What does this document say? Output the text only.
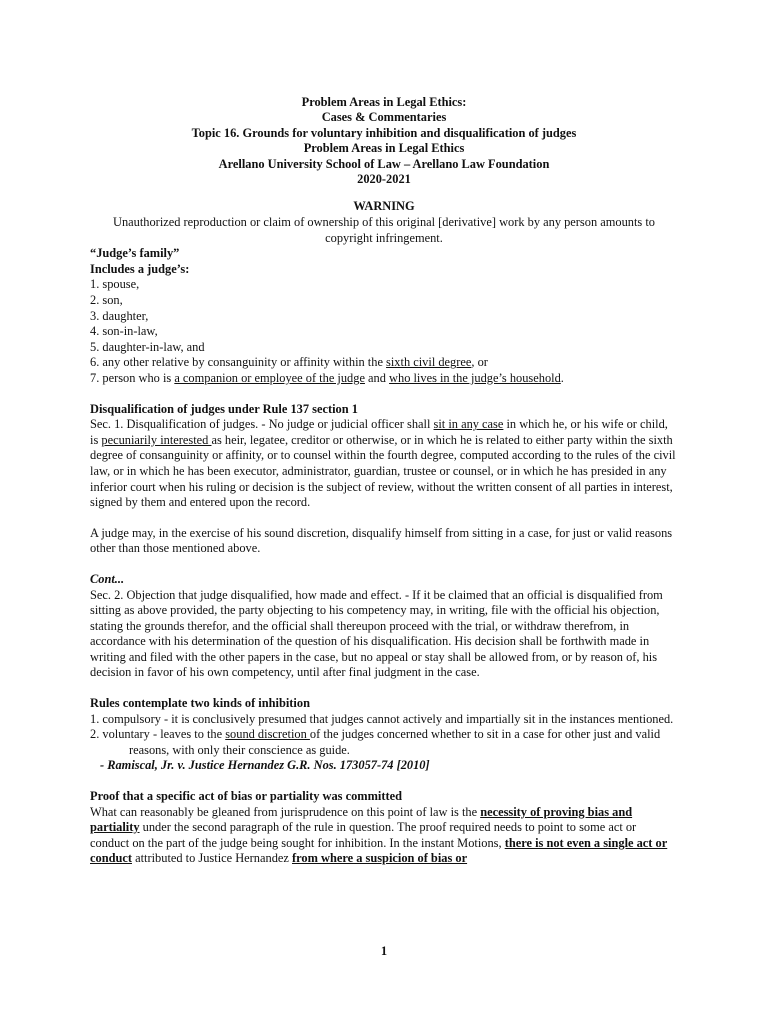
Problem Areas in Legal Ethics:
Cases & Commentaries
Topic 16. Grounds for voluntary inhibition and disqualification of judges
Problem Areas in Legal Ethics
Arellano University School of Law – Arellano Law Foundation
2020-2021
WARNING
Unauthorized reproduction or claim of ownership of this original [derivative] work by any person amounts to copyright infringement.
“Judge’s family”
Includes a judge’s:
1. spouse,
2. son,
3. daughter,
4. son-in-law,
5. daughter-in-law, and
6. any other relative by consanguinity or affinity within the sixth civil degree, or
7. person who is a companion or employee of the judge and who lives in the judge’s household.
Disqualification of judges under Rule 137 section 1

Sec. 1. Disqualification of judges. - No judge or judicial officer shall sit in any case in which he, or his wife or child, is pecuniarily interested as heir, legatee, creditor or otherwise, or in which he is related to either party within the sixth degree of consanguinity or affinity, or to counsel within the fourth degree, computed according to the rules of the civil law, or in which he has been executor, administrator, guardian, trustee or counsel, or in which he has presided in any inferior court when his ruling or decision is the subject of review, without the written consent of all parties in interest, signed by them and entered upon the record.

A judge may, in the exercise of his sound discretion, disqualify himself from sitting in a case, for just or valid reasons other than those mentioned above.

Cont...

Sec. 2. Objection that judge disqualified, how made and effect. - If it be claimed that an official is disqualified from sitting as above provided, the party objecting to his competency may, in writing, file with the official his objection, stating the grounds therefor, and the official shall thereupon proceed with the trial, or withdraw therefrom, in accordance with his determination of the question of his disqualification. His decision shall be forthwith made in writing and filed with the other papers in the case, but no appeal or stay shall be allowed from, or by reason of, his decision in favor of his own competency, until after final judgment in the case.

Rules contemplate two kinds of inhibition
1. compulsory - it is conclusively presumed that judges cannot actively and impartially sit in the instances mentioned.
2. voluntary - leaves to the sound discretion of the judges concerned whether to sit in a case for other just and valid reasons, with only their conscience as guide.
- Ramiscal, Jr. v. Justice Hernandez G.R. Nos. 173057-74 [2010]
Proof that a specific act of bias or partiality was committed

What can reasonably be gleaned from jurisprudence on this point of law is the necessity of proving bias and partiality under the second paragraph of the rule in question. The proof required needs to point to some act or conduct on the part of the judge being sought for inhibition. In the instant Motions, there is not even a single act or conduct attributed to Justice Hernandez from where a suspicion of bias or

1
